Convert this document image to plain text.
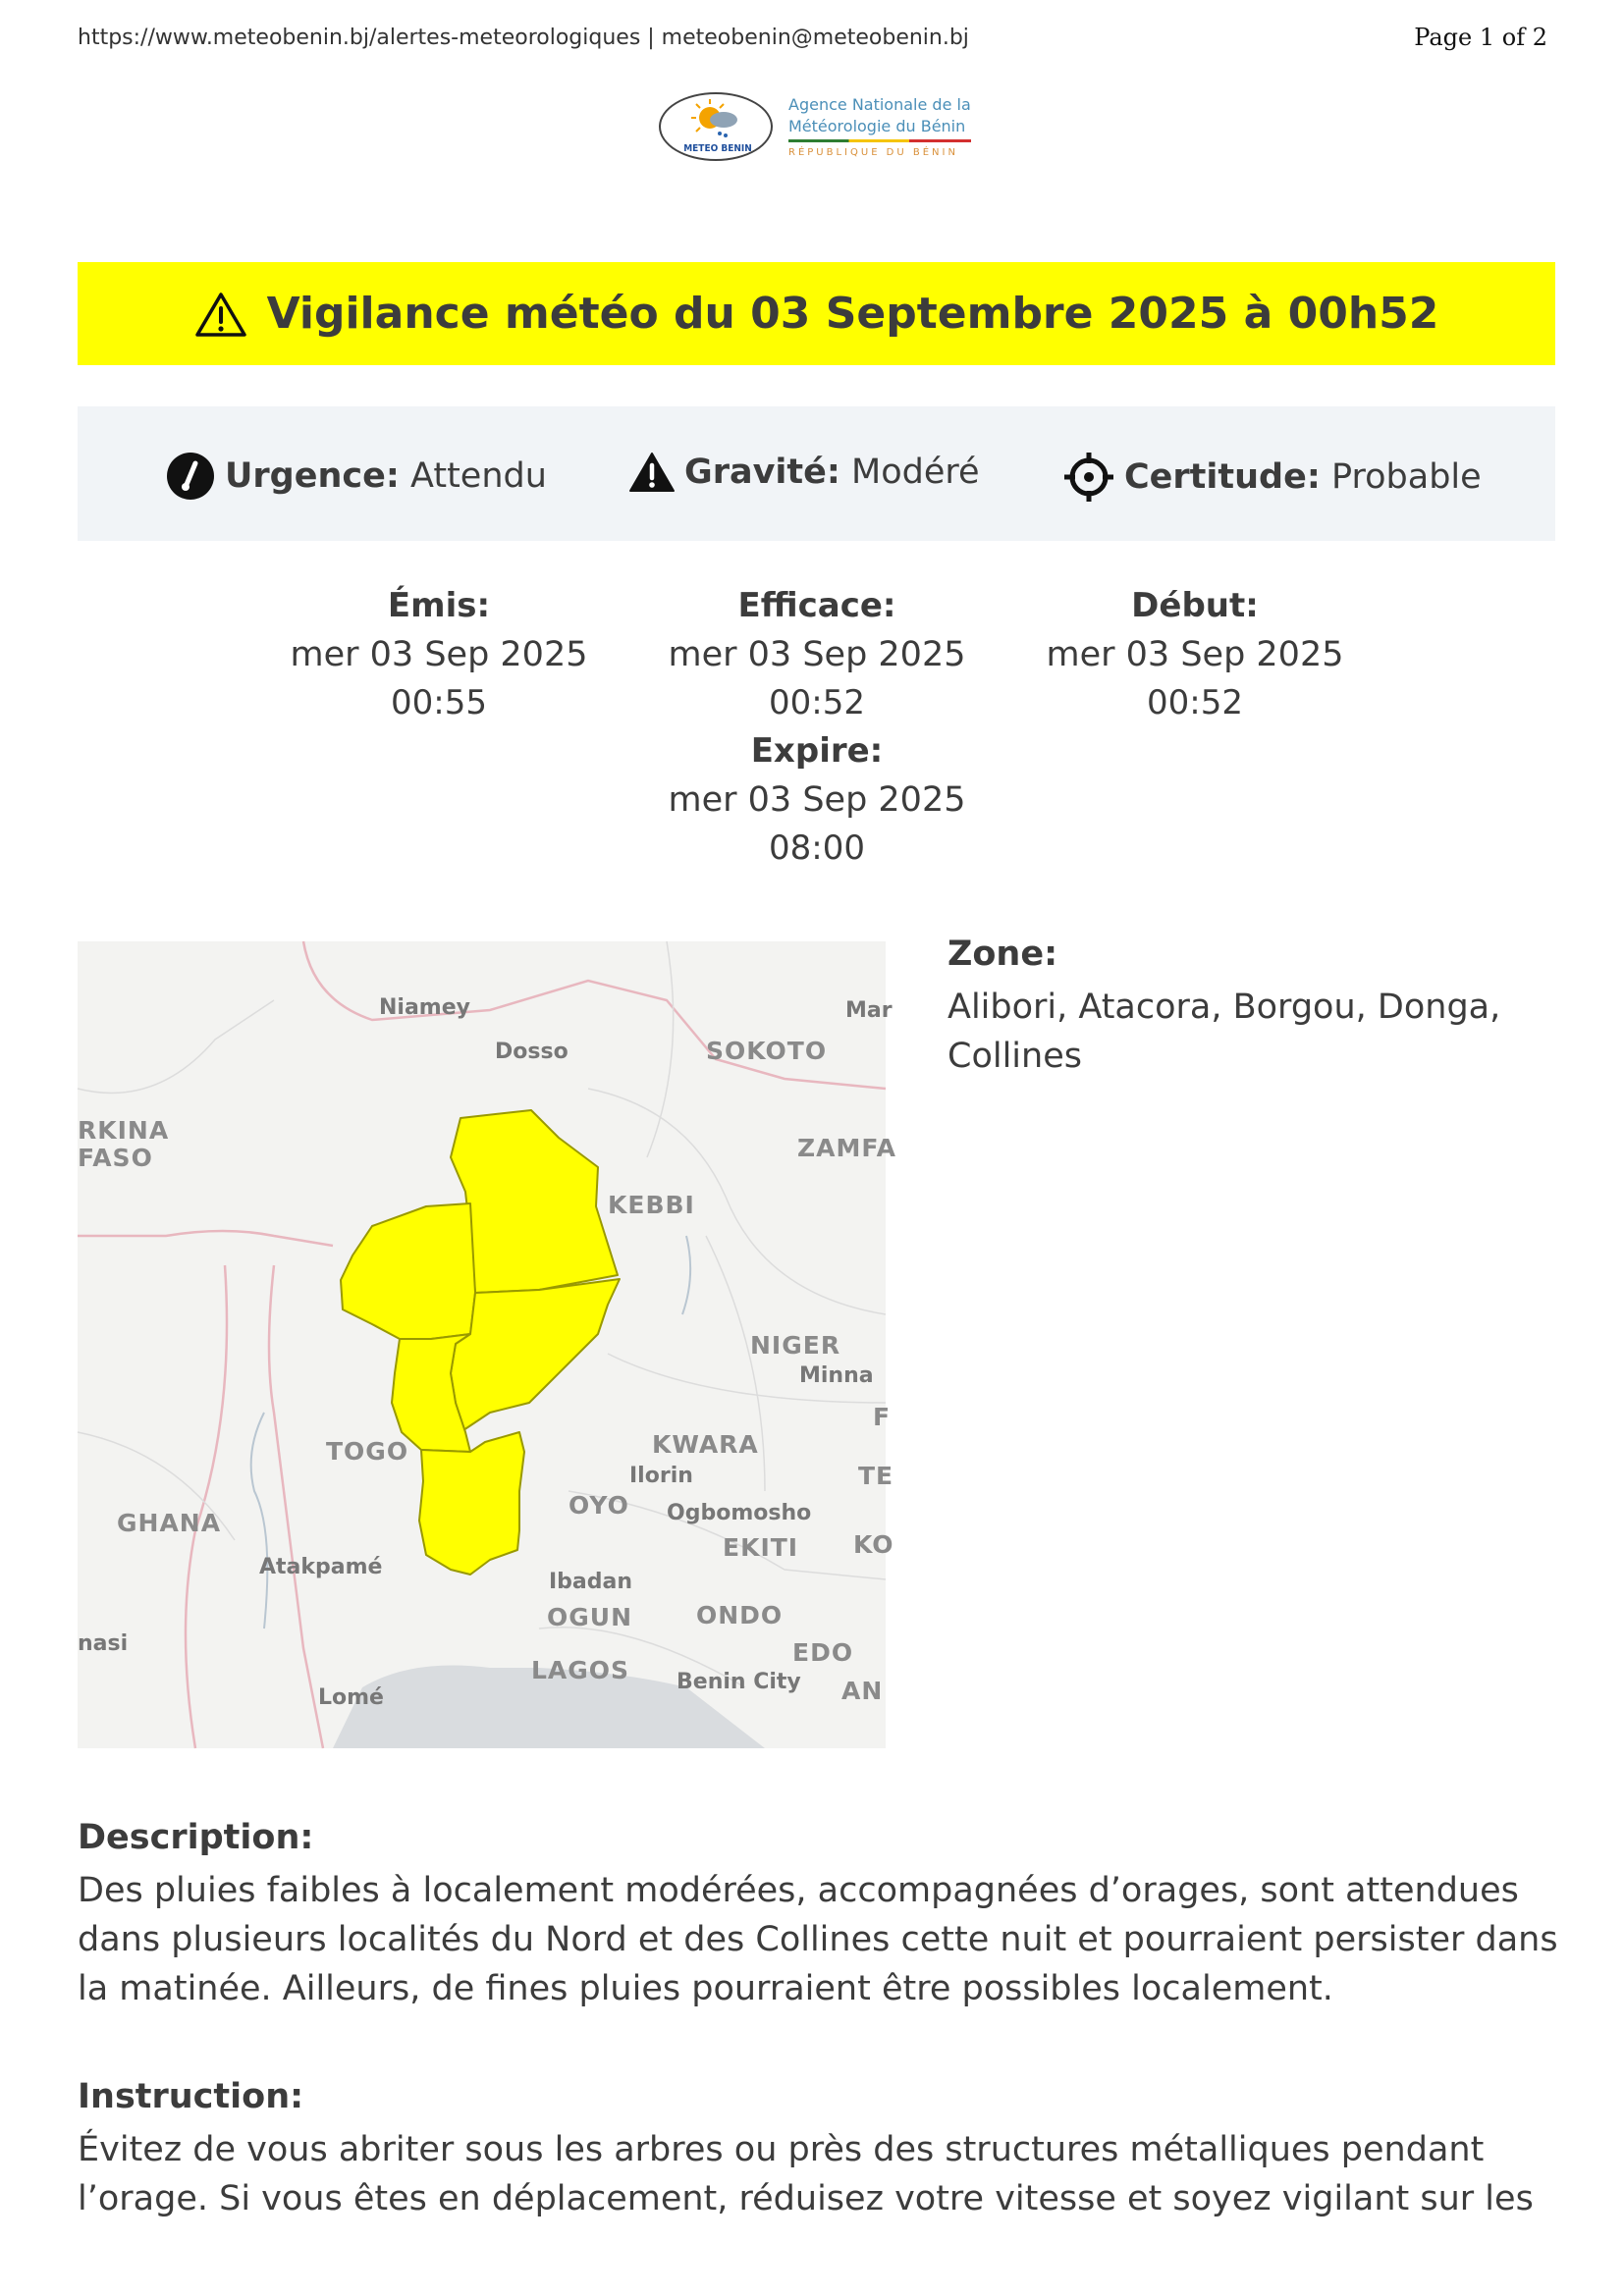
https://www.meteobenin.bj/alertes-meteorologiques | meteobenin@meteobenin.bj	Page 1 of 2
METEO BENIN
Agence Nationale de la
Météorologie du Bénin
RÉPUBLIQUE DU BÉNIN
Vigilance météo du 03 Septembre 2025 à 00h52
Urgence: Attendu	Gravité: Modéré	Certitude: Probable
Émis:
mer 03 Sep 2025
00:55
Efficace:
mer 03 Sep 2025
00:52
Début:
mer 03 Sep 2025
00:52
Expire:
mer 03 Sep 2025
08:00
Niamey
Dosso	SOKOTO
Mar
RKINA
FASO	ZAMFA
KEBBI
NIGER
Minna
TOGO	KWARA
Ilorin
OYO Ogbomosho
GHANA
EKITI KO
Atakpamé
Ibadan
OGUN	ONDO
nasi	EDO
LAGOS Benin City AN
Lomé
TE
F
Zone:
Alibori, Atacora, Borgou, Donga, Collines
Description:
Des pluies faibles à localement modérées, accompagnées d’orages, sont attendues dans plusieurs localités du Nord et des Collines cette nuit et pourraient persister dans la matinée. Ailleurs, de fines pluies pourraient être possibles localement.
Instruction:
Évitez de vous abriter sous les arbres ou près des structures métalliques pendant l’orage. Si vous êtes en déplacement, réduisez votre vitesse et soyez vigilant sur les
